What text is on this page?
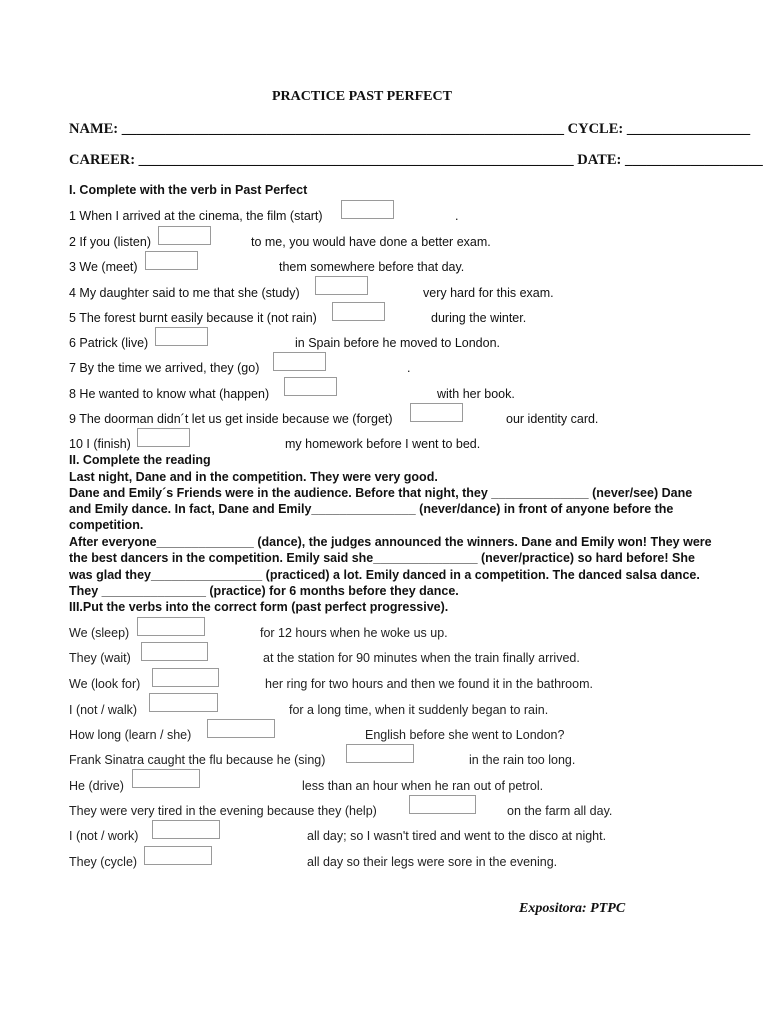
PRACTICE PAST PERFECT
NAME: _____________________________________________________________ CYCLE: _________________
CAREER: ____________________________________________________________ DATE: ___________________
I. Complete with the verb in Past Perfect
1 When I arrived at the cinema, the film (start)	.
2 If you (listen)	to me, you would have done a better exam.
3 We (meet)	them somewhere before that day.
4 My daughter said to me that she (study)	very hard for this exam.
5 The forest burnt easily because it (not rain)	during the winter.
6 Patrick (live)	in Spain before he moved to London.
7 By the time we arrived, they (go)	.
8 He wanted to know what (happen)	with her book.
9 The doorman didn´t let us get inside because we (forget)	our identity card.
10 I (finish)	my homework before I went to bed.
II. Complete the reading
Last night, Dane and in the competition. They were very good.
Dane and Emily´s Friends were in the audience. Before that night, they ______________ (never/see) Dane
and Emily dance. In fact, Dane and Emily_______________ (never/dance) in front of anyone before the
competition.
After everyone______________ (dance), the judges announced the winners. Dane and Emily won! They were
the best dancers in the competition. Emily said she_______________ (never/practice) so hard before! She
was glad they________________ (practiced) a lot. Emily danced in a competition. The danced salsa dance.
They _______________ (practice) for 6 months before they dance.
III.Put the verbs into the correct form (past perfect progressive).
We (sleep)	for 12 hours when he woke us up.
They (wait)	at the station for 90 minutes when the train finally arrived.
We (look for)	her ring for two hours and then we found it in the bathroom.
I (not / walk)	for a long time, when it suddenly began to rain.
How long (learn / she)	English before she went to London?
Frank Sinatra caught the flu because he (sing)	in the rain too long.
He (drive)	less than an hour when he ran out of petrol.
They were very tired in the evening because they (help)	on the farm all day.
I (not / work)	all day; so I wasn't tired and went to the disco at night.
They (cycle)	all day so their legs were sore in the evening.
Expositora: PTPC
